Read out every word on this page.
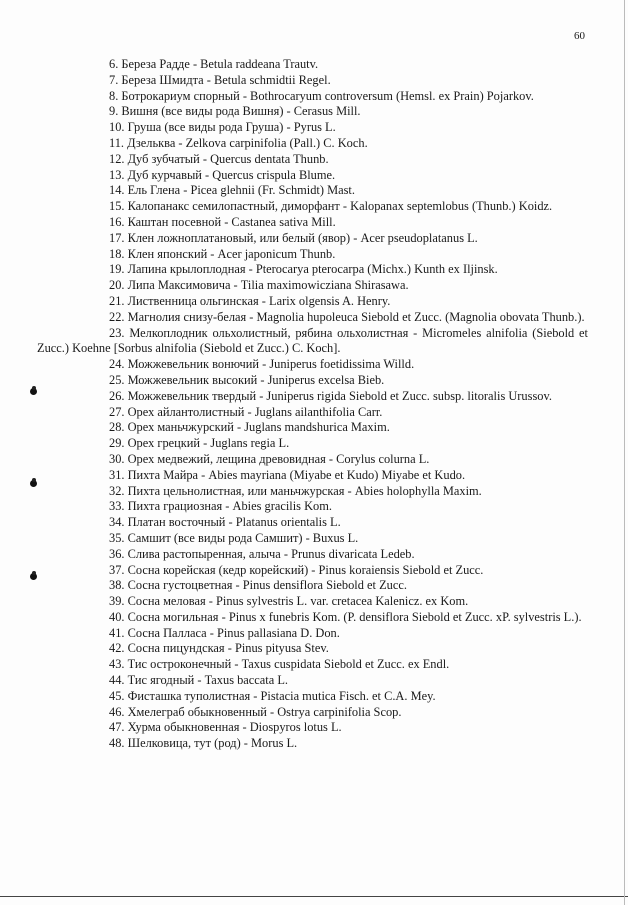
60

6. Береза Радде - Betula raddeana Trautv.

7. Береза Шмидта - Betula schmidtii Regel.

8. Ботрокариум спорный - Bothrocaryum controversum (Hemsl. ex Prain) Pojarkov.

9. Вишня (все виды рода Вишня) - Cerasus Mill.

10. Груша (все виды рода Груша) - Pyrus L.

11. Дзельква - Zelkova carpinifolia (Pall.) C. Koch.

12. Дуб зубчатый - Quercus dentata Thunb.

13. Дуб курчавый - Quercus crispula Blume.

14. Ель Глена - Picea glehnii (Fr. Schmidt) Mast.

15. Калопанакс семилопастный, диморфант - Kalopanax septemlobus (Thunb.) Koidz.

16. Каштан посевной - Castanea sativa Mill.

17. Клен ложноплатановый, или белый (явор) - Acer pseudoplatanus L.

18. Клен японский - Acer japonicum Thunb.

19. Лапина крылоплодная - Pterocarya pterocarpa (Michx.) Kunth ex Iljinsk.

20. Липа Максимовича - Tilia maximowicziana Shirasawa.

21. Лиственница ольгинская - Larix olgensis A. Henry.

22. Магнолия снизу-белая - Magnolia hupoleuca Siebold et Zucc. (Magnolia obovata Thunb.).

23. Мелкоплодник ольхолистный, рябина ольхолистная - Micromeles alnifolia (Siebold et Zucc.) Koehne [Sorbus alnifolia (Siebold et Zucc.) C. Koch].

24. Можжевельник вонючий - Juniperus foetidissima Willd.

25. Можжевельник высокий - Juniperus excelsa Bieb.

26. Можжевельник твердый - Juniperus rigida Siebold et Zucc. subsp. litoralis Urussov.

27. Орех айлантолистный - Juglans ailanthifolia Carr.

28. Орех маньчжурский - Juglans mandshurica Maxim.

29. Орех грецкий - Juglans regia L.

30. Орех медвежий, лещина древовидная - Corylus colurna L.

31. Пихта Майра - Abies mayriana (Miyabe et Kudo) Miyabe et Kudo.

32. Пихта цельнолистная, или маньчжурская - Abies holophylla Maxim.

33. Пихта грациозная - Abies gracilis Kom.

34. Платан восточный - Platanus orientalis L.

35. Самшит (все виды рода Самшит) - Buxus L.

36. Слива растопыренная, алыча - Prunus divaricata Ledeb.

37. Сосна корейская (кедр корейский) - Pinus koraiensis Siebold et Zucc.

38. Сосна густоцветная - Pinus densiflora Siebold et Zucc.

39. Сосна меловая - Pinus sylvestris L. var. cretacea Kalenicz. ex Kom.

40. Сосна могильная - Pinus x funebris Kom. (P. densiflora Siebold et Zucc. xP. sylvestris L.).

41. Сосна Палласа - Pinus pallasiana D. Don.

42. Сосна пицундская - Pinus pityusa Stev.

43. Тис остроконечный - Taxus cuspidata Siebold et Zucc. ex Endl.

44. Тис ягодный - Taxus baccata L.

45. Фисташка туполистная - Pistacia mutica Fisch. et C.A. Mey.

46. Хмелеграб обыкновенный - Ostrya carpinifolia Scop.

47. Хурма обыкновенная - Diospyros lotus L.

48. Шелковица, тут (род) - Morus L.
